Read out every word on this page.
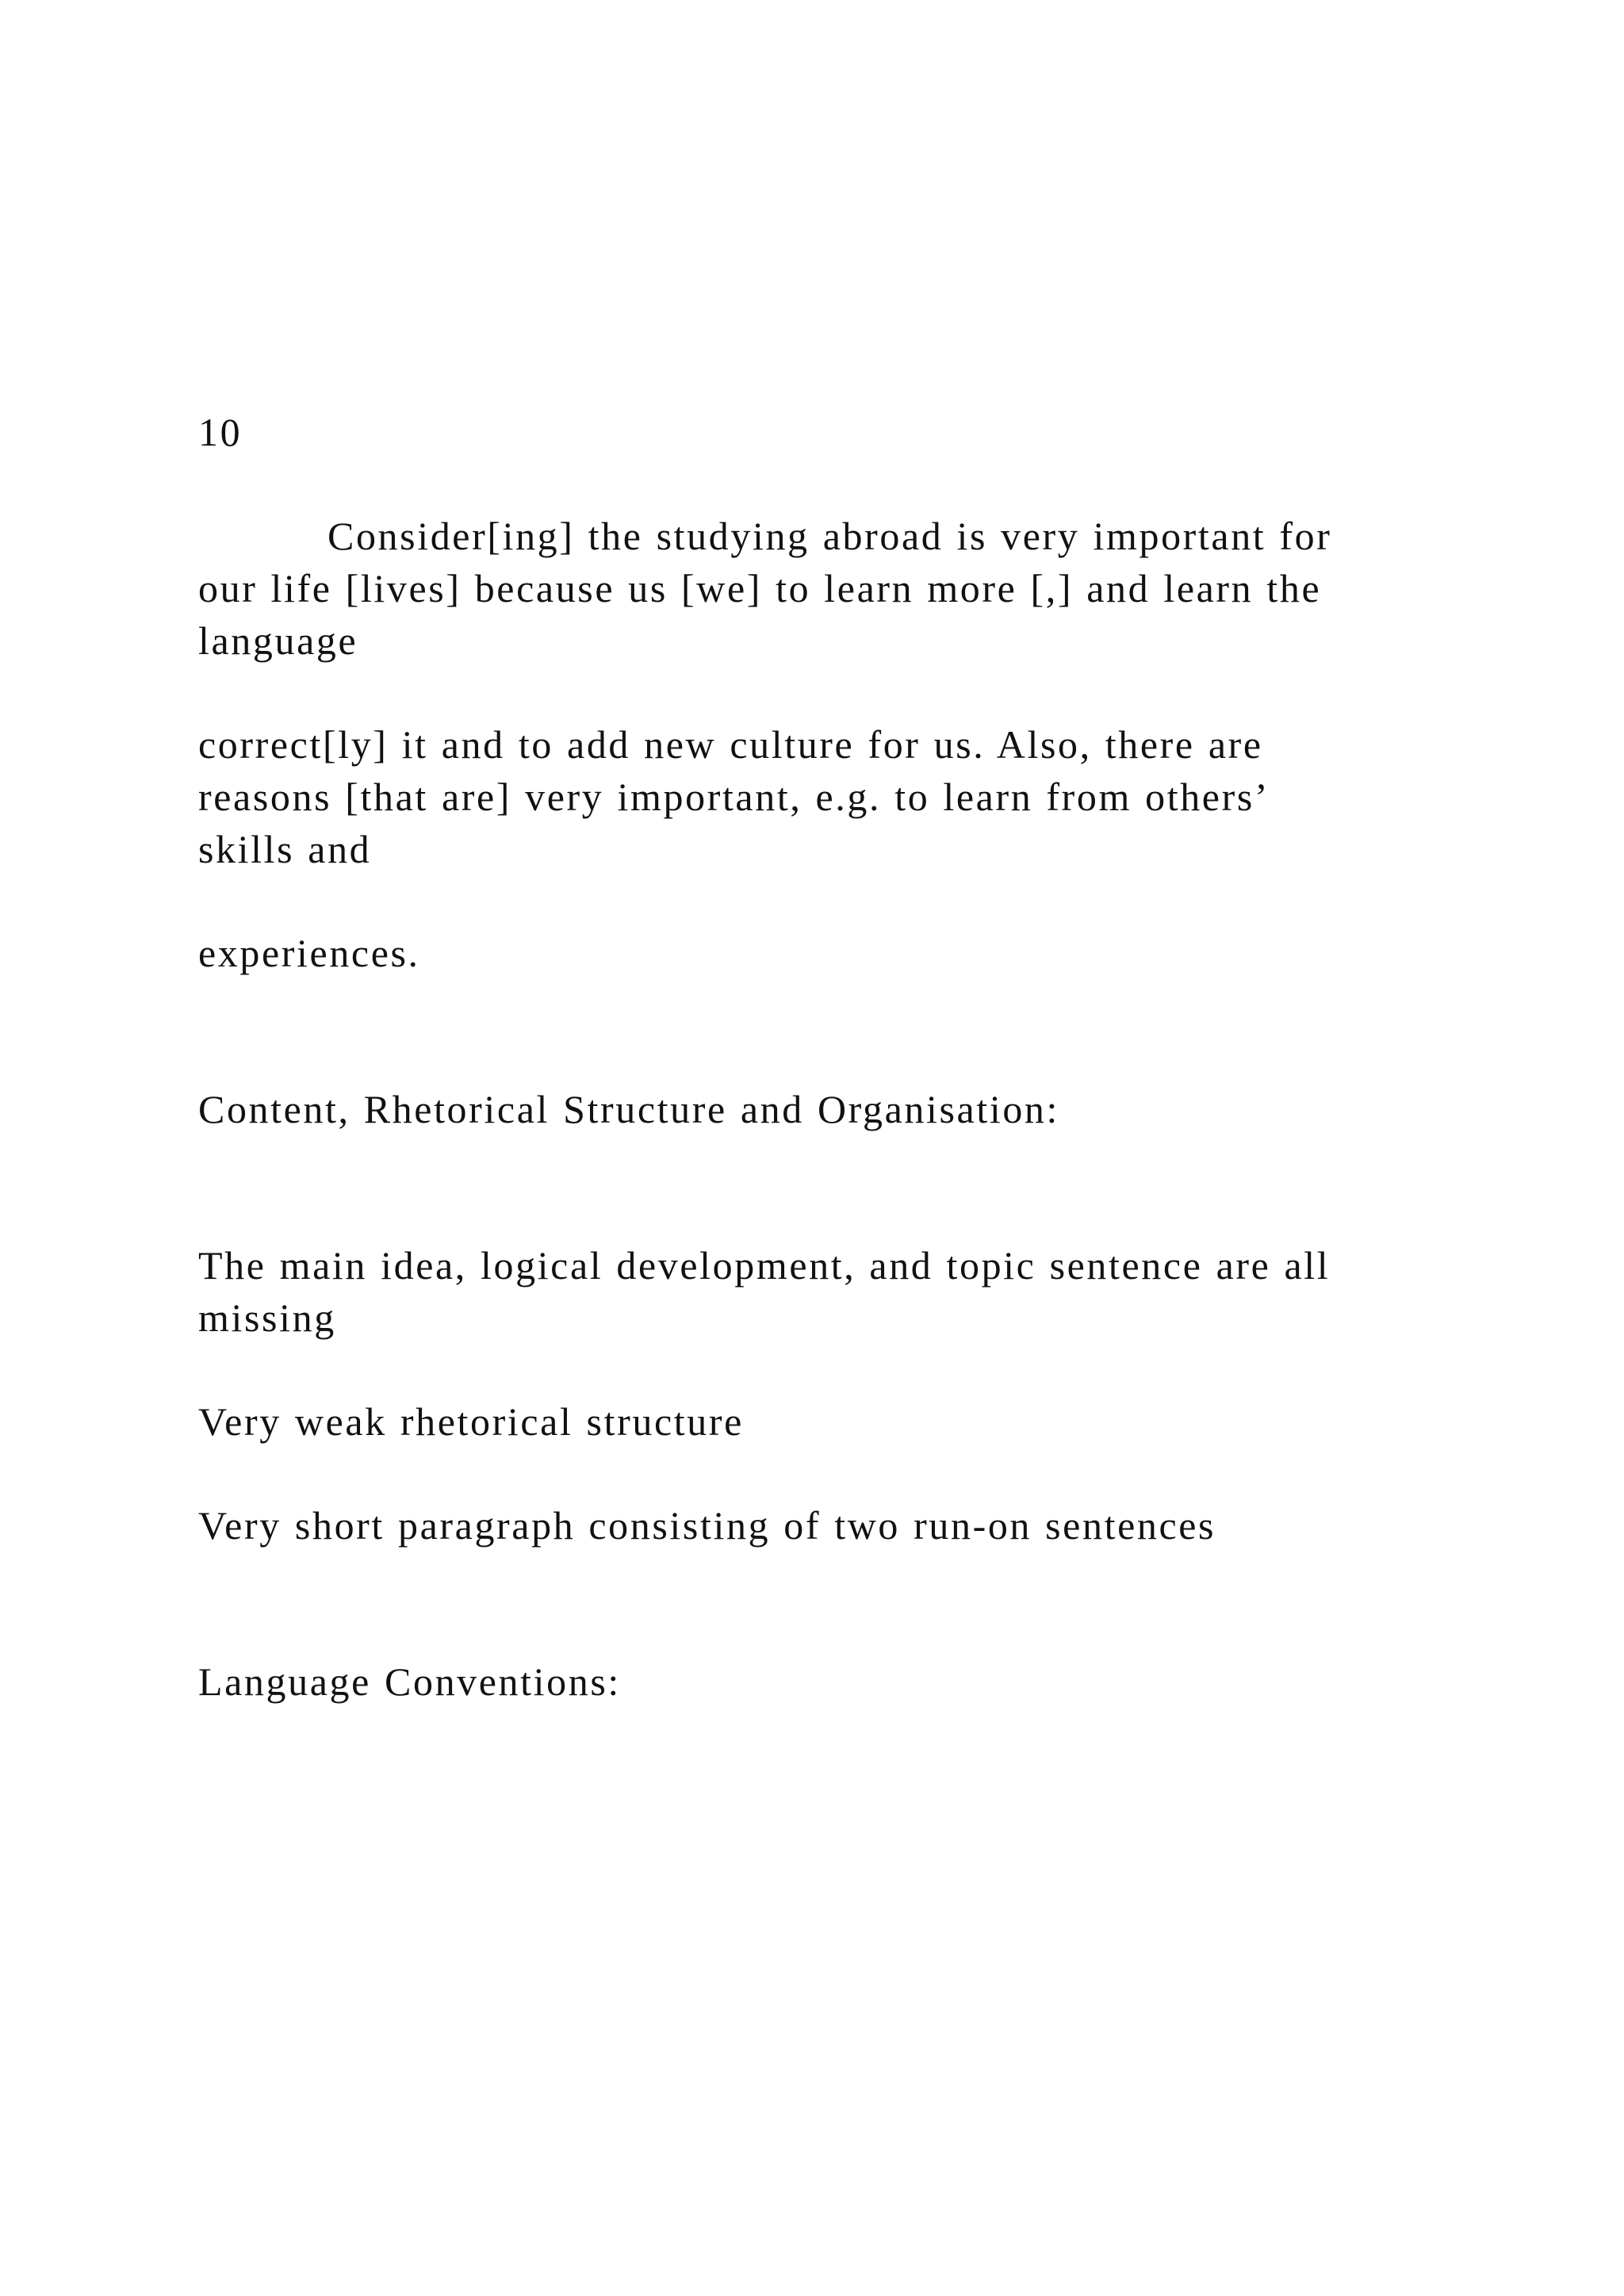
10

Consider[ing] the studying abroad is very important for

our life [lives] because us [we] to learn more [,] and learn the

language

correct[ly] it and to add new culture for us. Also, there are

reasons [that are] very important, e.g. to learn from others’

skills and

experiences.

Content, Rhetorical Structure and Organisation:

The main idea, logical development, and topic sentence are all

missing

Very weak rhetorical structure

Very short paragraph consisting of two run-on sentences

Language Conventions:
